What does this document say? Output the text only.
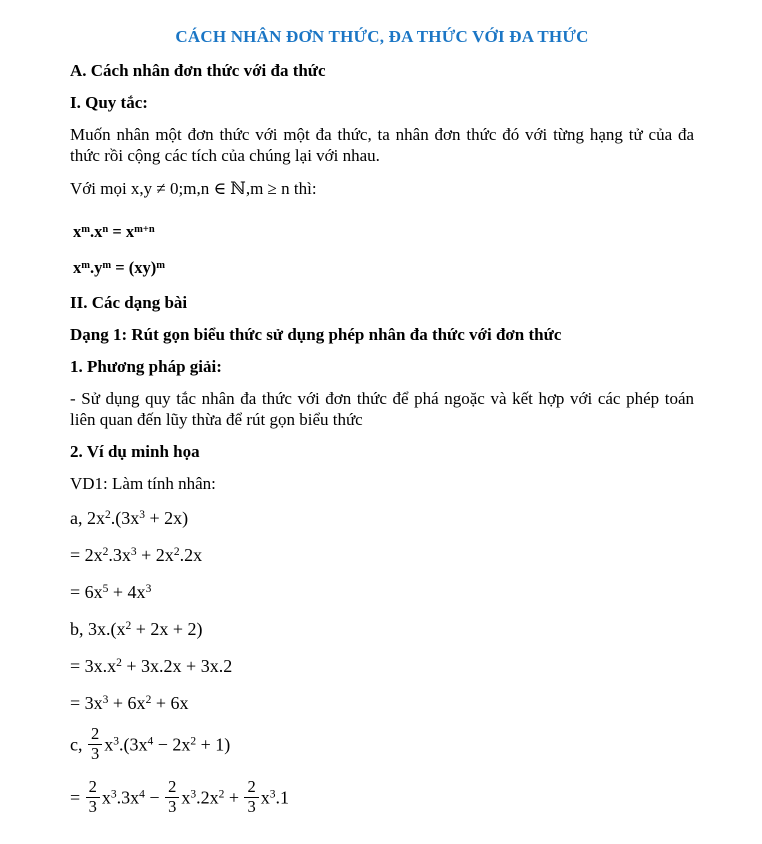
CÁCH NHÂN ĐƠN THỨC, ĐA THỨC VỚI ĐA THỨC
A. Cách nhân đơn thức với đa thức
I. Quy tắc:
Muốn nhân một đơn thức với một đa thức, ta nhân đơn thức đó với từng hạng tử của đa thức rồi cộng các tích của chúng lại với nhau.
Với mọi x,y ≠ 0;m,n ∈ ℕ,m ≥ n thì:
$x^m.x^n = x^{m+n}$
$x^m.y^m = (xy)^m$
II. Các dạng bài
Dạng 1: Rút gọn biểu thức sử dụng phép nhân đa thức với đơn thức
1. Phương pháp giải:
- Sử dụng quy tắc nhân đa thức với đơn thức để phá ngoặc và kết hợp với các phép toán liên quan đến lũy thừa để rút gọn biểu thức
2. Ví dụ minh họa
VD1: Làm tính nhân:
a, $2x^2.(3x^3 + 2x)$
= $2x^2.3x^3 + 2x^2.2x$
= $6x^5 + 4x^3$
b, $3x.(x^2 + 2x + 2)$
= $3x.x^2 + 3x.2x + 3x.2$
= $3x^3 + 6x^2 + 6x$
c, $\frac{2}{3} x^3.(3x^4 - 2x^2 + 1)$
= $\frac{2}{3} x^3.3x^4 - \frac{2}{3} x^3.2x^2 + \frac{2}{3} x^3.1$
